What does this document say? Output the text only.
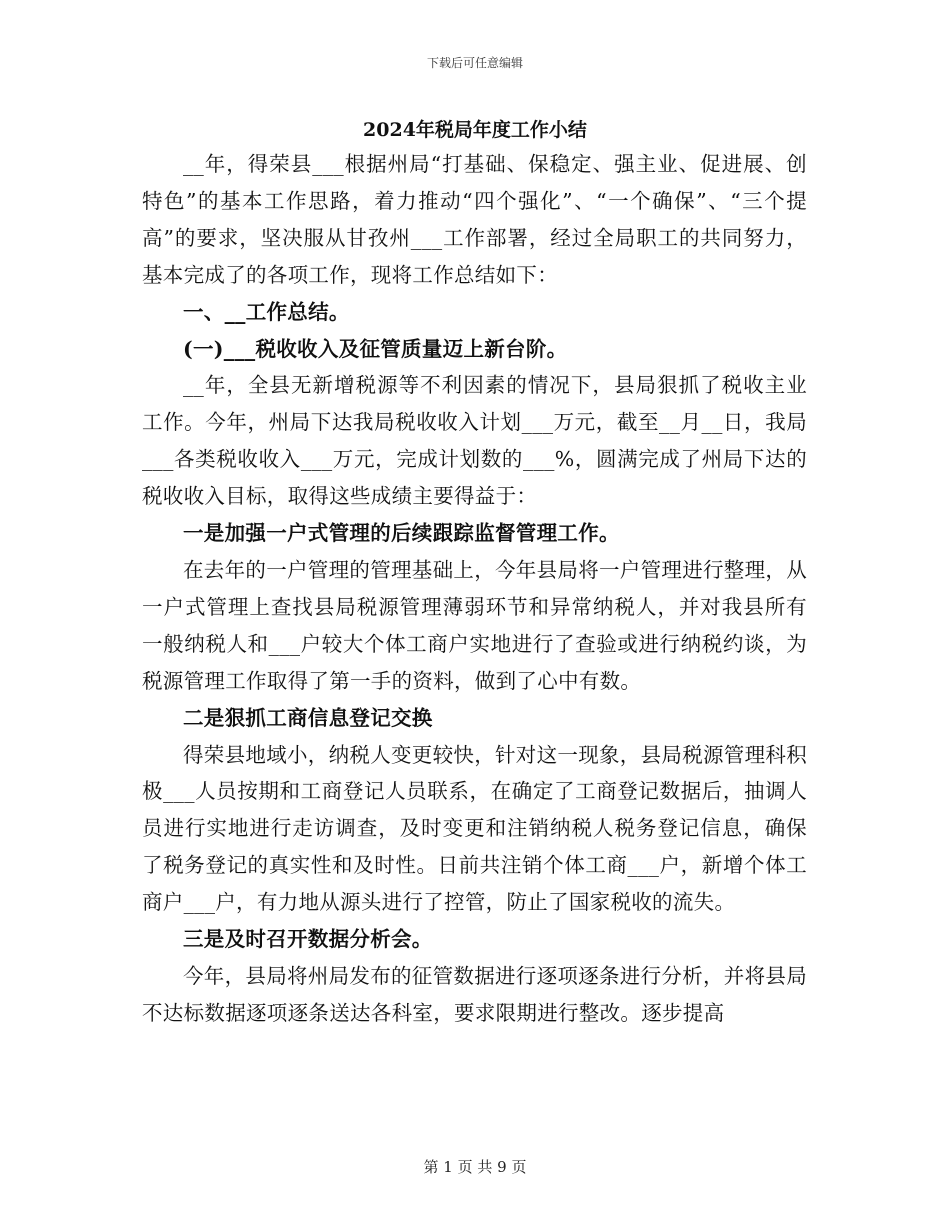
下载后可任意编辑
2024年税局年度工作小结

__年，得荣县___根据州局“打基础、保稳定、强主业、促进展、创特色”的基本工作思路，着力推动“四个强化”、“一个确保”、“三个提高”的要求，坚决服从甘孜州___工作部署，经过全局职工的共同努力，基本完成了的各项工作，现将工作总结如下：

一、__工作总结。

(一)___税收收入及征管质量迈上新台阶。

__年，全县无新增税源等不利因素的情况下，县局狠抓了税收主业工作。今年，州局下达我局税收收入计划___万元，截至__月__日，我局___各类税收收入___万元，完成计划数的___%，圆满完成了州局下达的税收收入目标，取得这些成绩主要得益于：

一是加强一户式管理的后续跟踪监督管理工作。

在去年的一户管理的管理基础上，今年县局将一户管理进行整理，从一户式管理上查找县局税源管理薄弱环节和异常纳税人，并对我县所有一般纳税人和___户较大个体工商户实地进行了查验或进行纳税约谈，为税源管理工作取得了第一手的资料，做到了心中有数。

二是狠抓工商信息登记交换

得荣县地域小，纳税人变更较快，针对这一现象，县局税源管理科积极___人员按期和工商登记人员联系，在确定了工商登记数据后，抽调人员进行实地进行走访调查，及时变更和注销纳税人税务登记信息，确保了税务登记的真实性和及时性。日前共注销个体工商___户，新增个体工商户___户，有力地从源头进行了控管，防止了国家税收的流失。

三是及时召开数据分析会。

今年，县局将州局发布的征管数据进行逐项逐条进行分析，并将县局不达标数据逐项逐条送达各科室，要求限期进行整改。逐步提高

第 1 页 共 9 页
